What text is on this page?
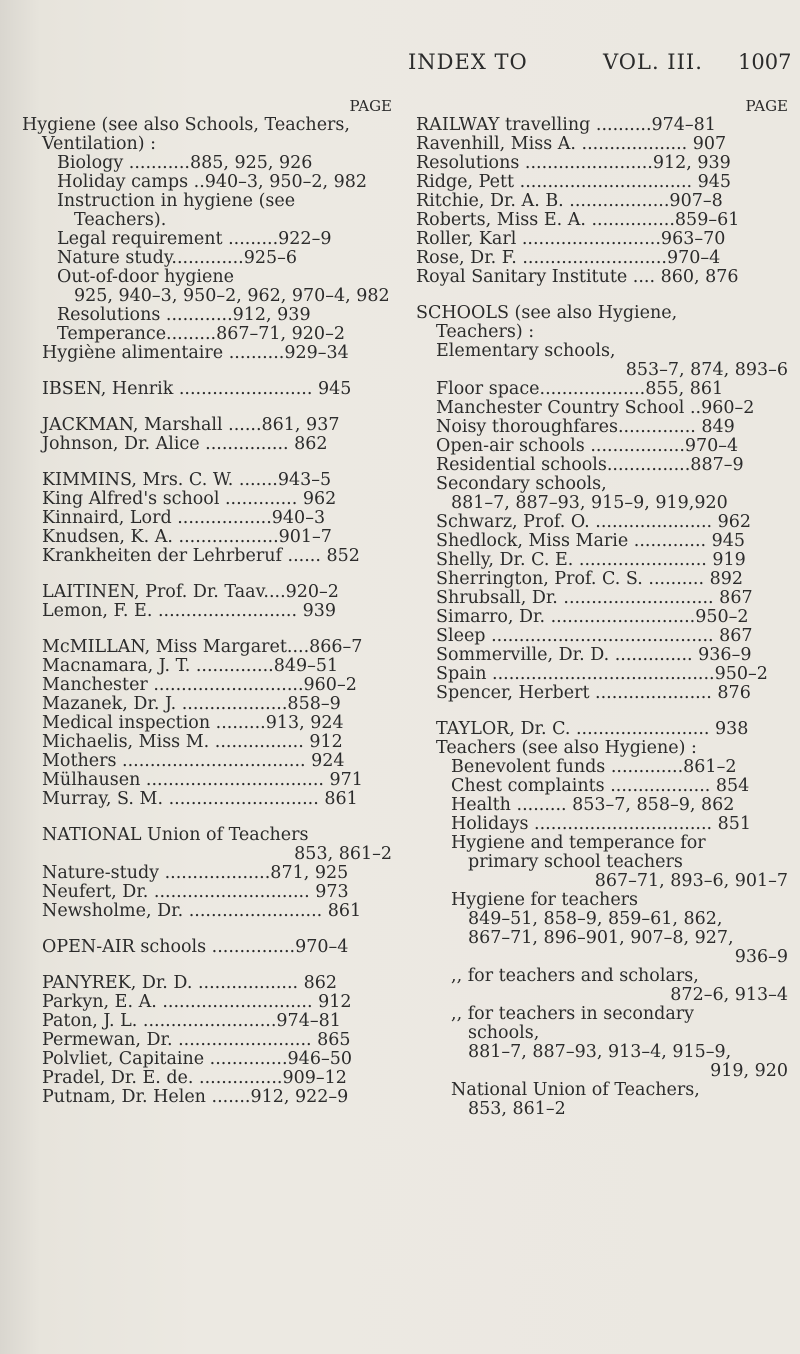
INDEX TO	VOL. III. 1007
PAGE
Hygiene (see also Schools, Teachers,
Ventilation) :
Biology ...........885, 925, 926
Holiday camps ..940–3, 950–2, 982
Instruction in hygiene (see
Teachers).
Legal requirement .........922–9
Nature study.............925–6
Out-of-door hygiene
925, 940–3, 950–2, 962, 970–4, 982
Resolutions ............912, 939
Temperance.........867–71, 920–2
Hygiène alimentaire ..........929–34
IBSEN, Henrik ........................ 945
JACKMAN, Marshall ......861, 937
Johnson, Dr. Alice ............... 862
KIMMINS, Mrs. C. W. .......943–5
King Alfred's school ............. 962
Kinnaird, Lord .................940–3
Knudsen, K. A. ..................901–7
Krankheiten der Lehrberuf ...... 852
LAITINEN, Prof. Dr. Taav....920–2
Lemon, F. E. ......................... 939
McMILLAN, Miss Margaret....866–7
Macnamara, J. T. ..............849–51
Manchester ...........................960–2
Mazanek, Dr. J. ...................858–9
Medical inspection .........913, 924
Michaelis, Miss M. ................ 912
Mothers ................................. 924
Mülhausen ................................ 971
Murray, S. M. ........................... 861
NATIONAL Union of Teachers
853, 861–2
Nature-study ...................871, 925
Neufert, Dr. ............................ 973
Newsholme, Dr. ........................ 861
OPEN-AIR schools ...............970–4
PANYREK, Dr. D. .................. 862
Parkyn, E. A. ........................... 912
Paton, J. L. ........................974–81
Permewan, Dr. ........................ 865
Polvliet, Capitaine ..............946–50
Pradel, Dr. E. de. ...............909–12
Putnam, Dr. Helen .......912, 922–9
PAGE
RAILWAY travelling ..........974–81
Ravenhill, Miss A. ................... 907
Resolutions .......................912, 939
Ridge, Pett ............................... 945
Ritchie, Dr. A. B. ..................907–8
Roberts, Miss E. A. ...............859–61
Roller, Karl .........................963–70
Rose, Dr. F. ..........................970–4
Royal Sanitary Institute .... 860, 876
SCHOOLS (see also Hygiene,
Teachers) :
Elementary schools,
853–7, 874, 893–6
Floor space...................855, 861
Manchester Country School ..960–2
Noisy thoroughfares.............. 849
Open-air schools .................970–4
Residential schools...............887–9
Secondary schools,
881–7, 887–93, 915–9, 919,920
Schwarz, Prof. O. ..................... 962
Shedlock, Miss Marie ............. 945
Shelly, Dr. C. E. ....................... 919
Sherrington, Prof. C. S. .......... 892
Shrubsall, Dr. ........................... 867
Simarro, Dr. ..........................950–2
Sleep ........................................ 867
Sommerville, Dr. D. .............. 936–9
Spain ........................................950–2
Spencer, Herbert ..................... 876
TAYLOR, Dr. C. ........................ 938
Teachers (see also Hygiene) :
Benevolent funds .............861–2
Chest complaints .................. 854
Health ......... 853–7, 858–9, 862
Holidays ................................ 851
Hygiene and temperance for
primary school teachers
867–71, 893–6, 901–7
Hygiene for teachers
849–51, 858–9, 859–61, 862,
867–71, 896–901, 907–8, 927,
936–9
,, for teachers and scholars,
872–6, 913–4
,, for teachers in secondary
schools,
881–7, 887–93, 913–4, 915–9,
919, 920
National Union of Teachers,
853, 861–2
